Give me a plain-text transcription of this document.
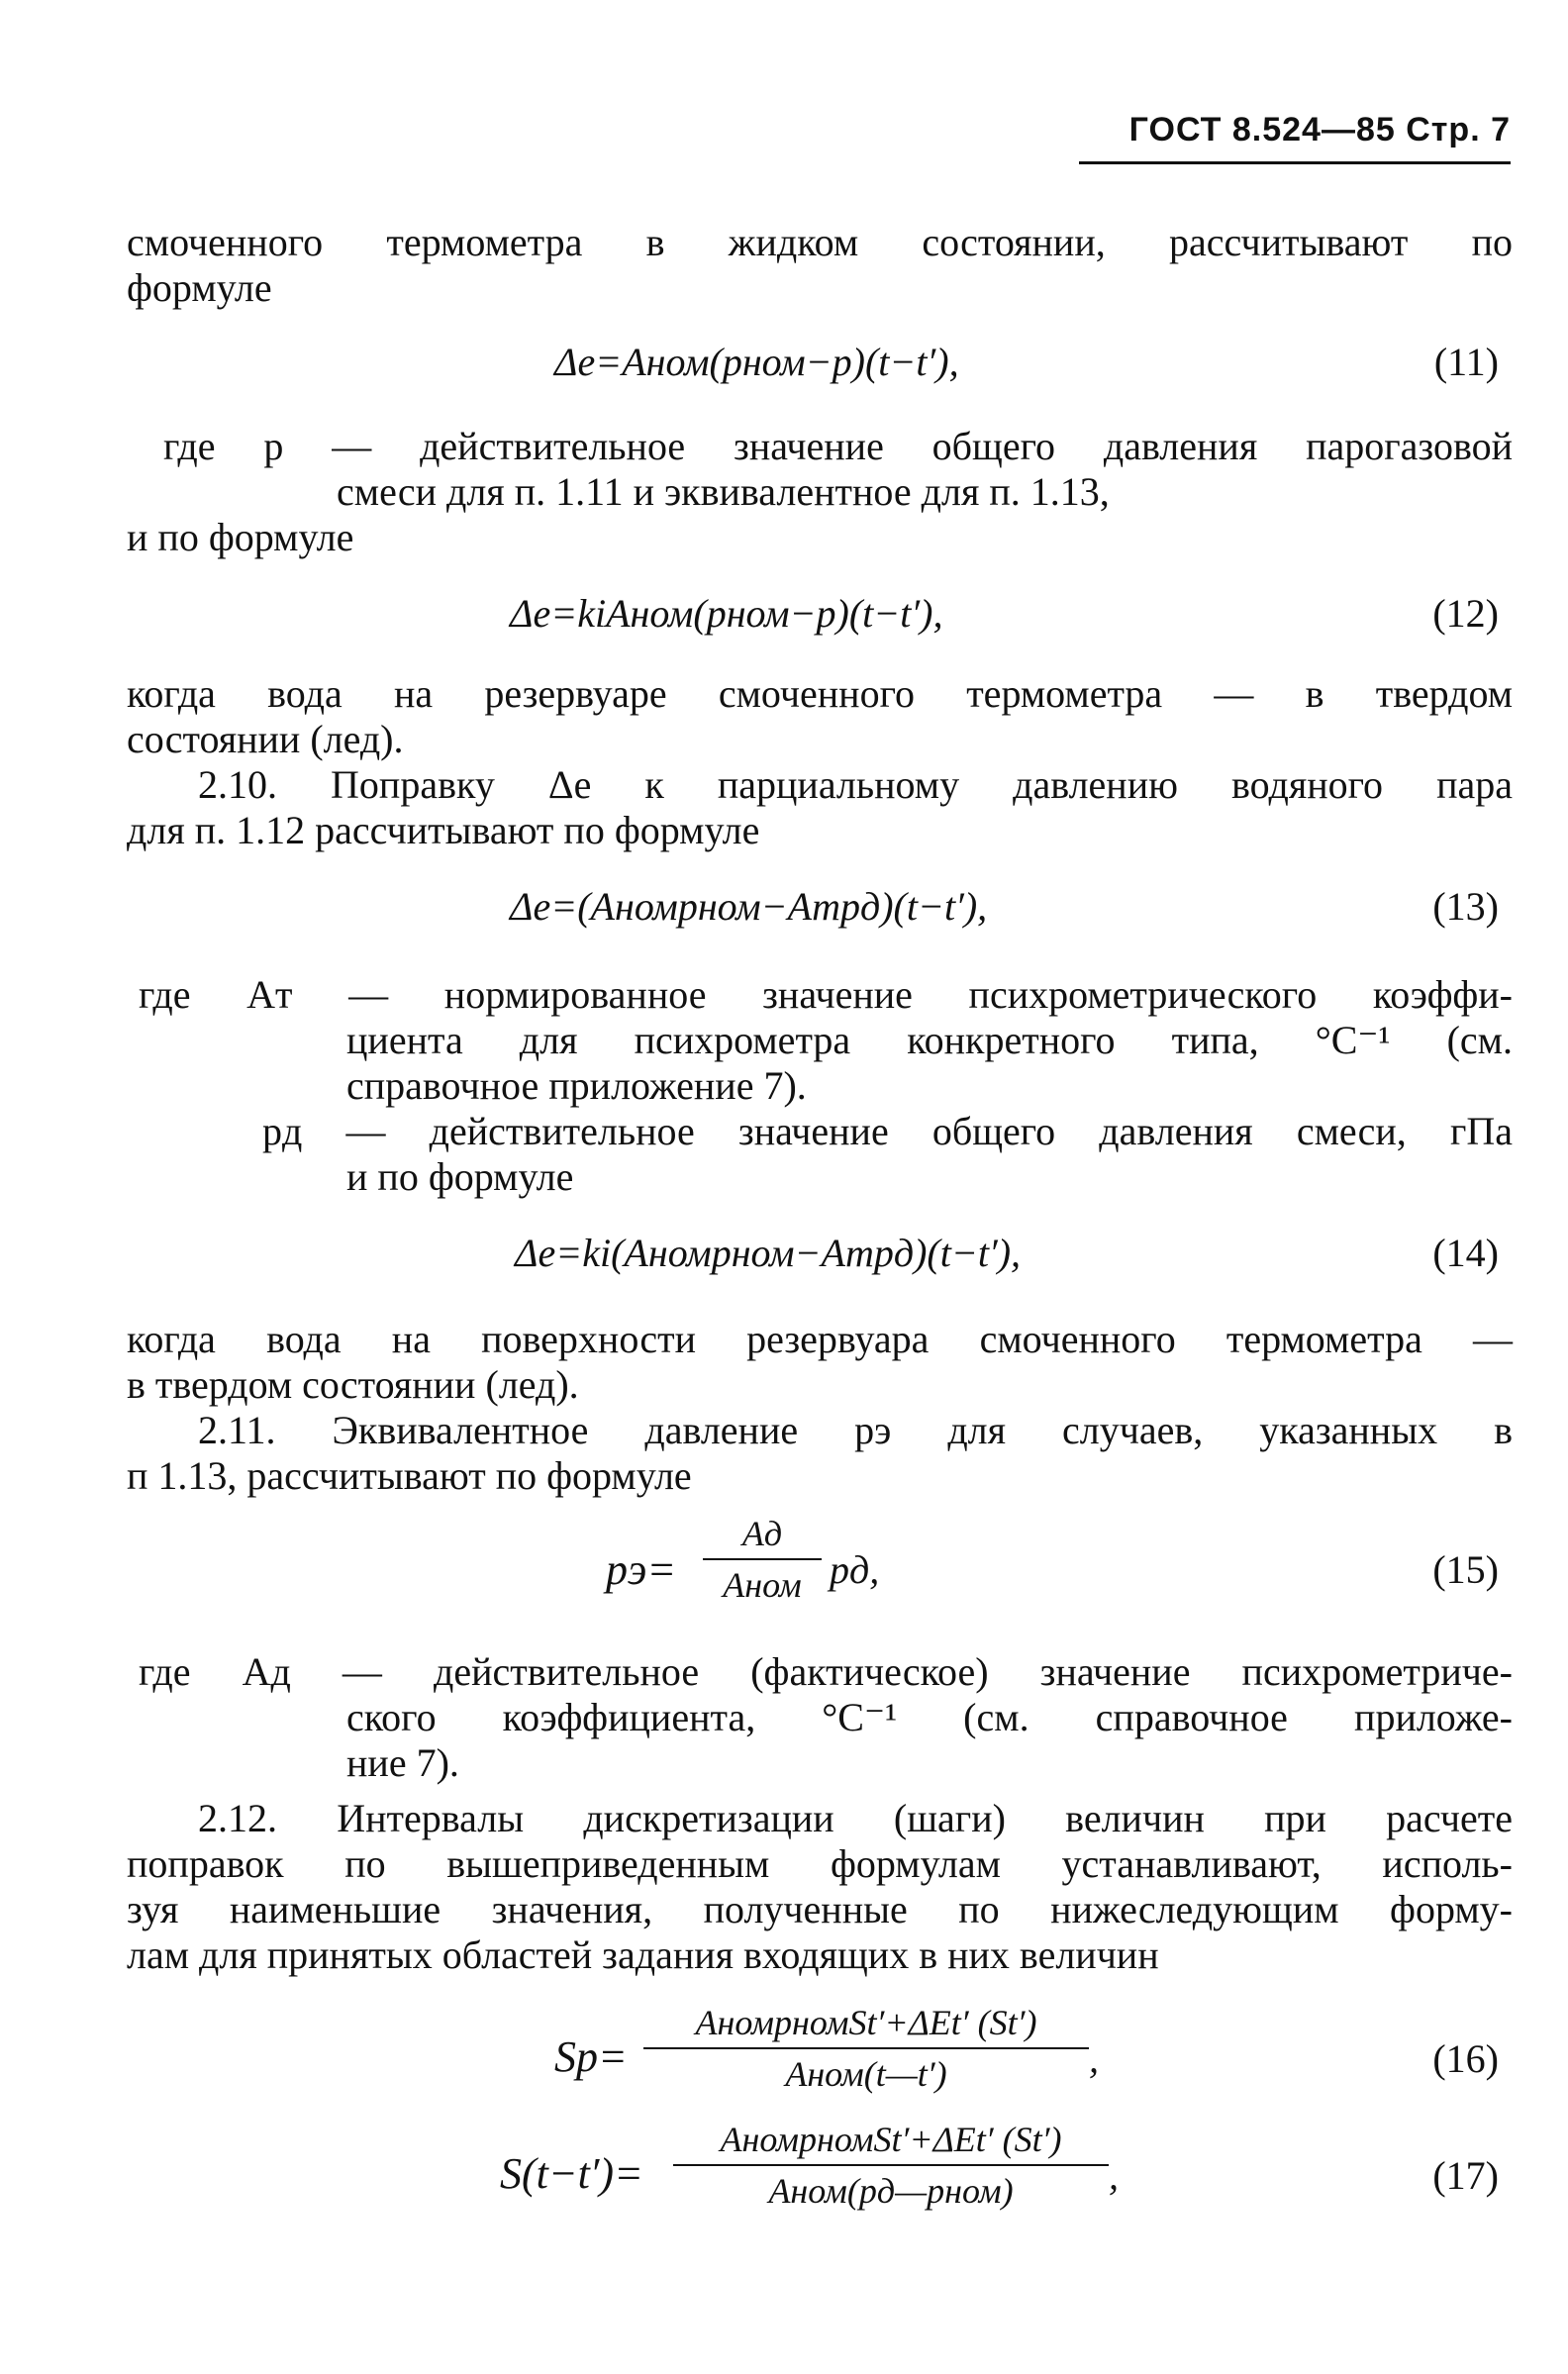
ГОСТ 8.524—85 Стр. 7
смоченного термометра в жидком состоянии, рассчитывают по
формуле
Δe=Aном(pном−p)(t−t′),	(11)
где p — действительное значение общего давления парогазовой
смеси для п. 1.11 и эквивалентное для п. 1.13,
и по формуле
Δe=kiAном(pном−p)(t−t′),	(12)
когда вода на резервуаре смоченного термометра — в твердом
состоянии (лед).
2.10. Поправку Δe к парциальному давлению водяного пара
для п. 1.12 рассчитывают по формуле
Δe=(Aномpном−Aтpд)(t−t′),	(13)
где Aт — нормированное значение психрометрического коэффи-
циента для психрометра конкретного типа, °C⁻¹ (см.
справочное приложение 7).
pд — действительное значение общего давления смеси, гПа
и по формуле
Δe=ki(Aномpном−Aтpд)(t−t′),	(14)
когда вода на поверхности резервуара смоченного термометра —
в твердом состоянии (лед).
2.11. Эквивалентное давление pэ для случаев, указанных в
п 1.13, рассчитывают по формуле
pэ=
Aд
Aном pд,	(15)
где Aд — действительное (фактическое) значение психрометриче-
ского коэффициента, °C⁻¹ (см. справочное приложе-
ние 7).
2.12. Интервалы дискретизации (шаги) величин при расчете
поправок по вышеприведенным формулам устанавливают, исполь-
зуя наименьшие значения, полученные по нижеследующим форму-
лам для принятых областей задания входящих в них величин
Sp=
AномpномSt′+ΔEt′ (St′)
Aном(t—t′)	,	(16)
S(t−t′)=
AномpномSt′+ΔEt′ (St′)
Aном(pд—pном)	,	(17)
